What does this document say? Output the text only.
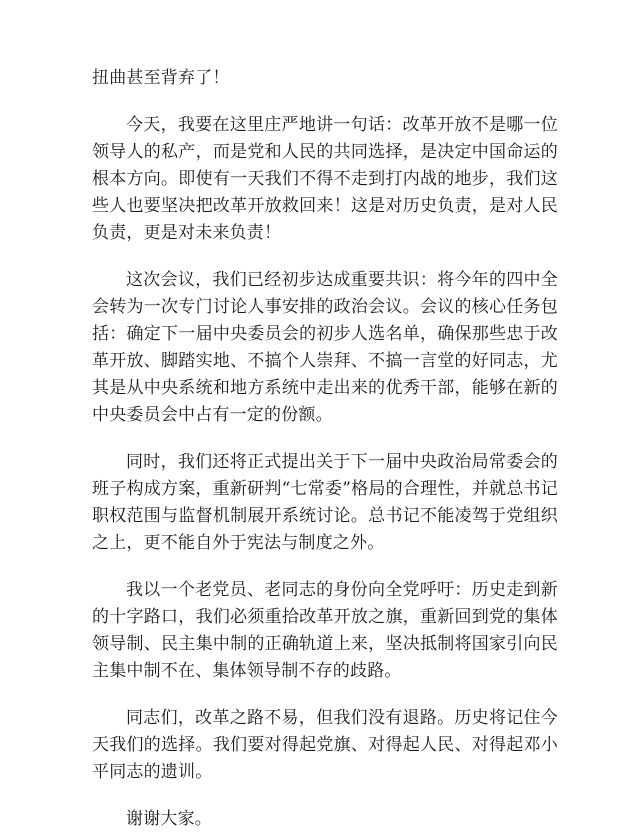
扭曲甚至背弃了！

今天，我要在这里庄严地讲一句话：改革开放不是哪一位领导人的私产，而是党和人民的共同选择，是决定中国命运的根本方向。即使有一天我们不得不走到打内战的地步，我们这些人也要坚决把改革开放救回来！这是对历史负责，是对人民负责，更是对未来负责！

这次会议，我们已经初步达成重要共识：将今年的四中全会转为一次专门讨论人事安排的政治会议。会议的核心任务包括：确定下一届中央委员会的初步人选名单，确保那些忠于改革开放、脚踏实地、不搞个人崇拜、不搞一言堂的好同志，尤其是从中央系统和地方系统中走出来的优秀干部，能够在新的中央委员会中占有一定的份额。

同时，我们还将正式提出关于下一届中央政治局常委会的班子构成方案，重新研判“七常委”格局的合理性，并就总书记职权范围与监督机制展开系统讨论。总书记不能凌驾于党组织之上，更不能自外于宪法与制度之外。

我以一个老党员、老同志的身份向全党呼吁：历史走到新的十字路口，我们必须重拾改革开放之旗，重新回到党的集体领导制、民主集中制的正确轨道上来，坚决抵制将国家引向民主集中制不在、集体领导制不存的歧路。

同志们，改革之路不易，但我们没有退路。历史将记住今天我们的选择。我们要对得起党旗、对得起人民、对得起邓小平同志的遗训。

谢谢大家。
